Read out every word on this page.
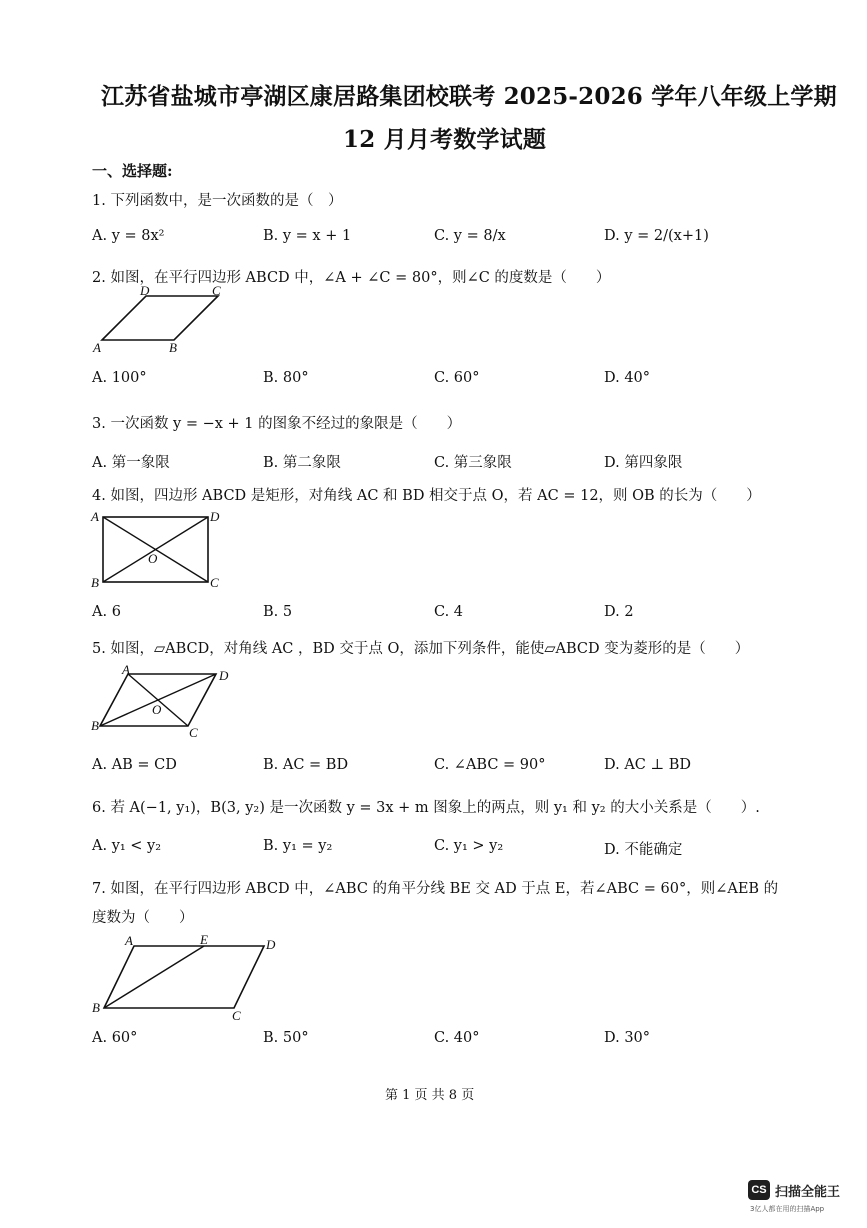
江苏省盐城市亭湖区康居路集团校联考 2025-2026 学年八年级上学期
12 月月考数学试题
一、选择题:
1. 下列函数中，是一次函数的是（　）
A. y = 8x²	B. y = x + 1	C. y = 8/x	D. y = 2/(x+1)
2. 如图，在平行四边形 ABCD 中，∠A + ∠C = 80°，则∠C 的度数是（　　）
D	C
A	B
A. 100°	B. 80°	C. 60°	D. 40°
3. 一次函数 y = −x + 1 的图象不经过的象限是（　　）
A. 第一象限	B. 第二象限	C. 第三象限	D. 第四象限
4. 如图，四边形 ABCD 是矩形，对角线 AC 和 BD 相交于点 O，若 AC = 12，则 OB 的长为（　　）
A	D
O
B	C
A. 6	B. 5	C. 4	D. 2
5. 如图，▱ABCD，对角线 AC ，BD 交于点 O，添加下列条件，能使▱ABCD 变为菱形的是（　　）
A	D
O
B	C
A. AB = CD	B. AC = BD	C. ∠ABC = 90°	D. AC ⊥ BD
6. 若 A(−1, y₁)，B(3, y₂) 是一次函数 y = 3x + m 图象上的两点，则 y₁ 和 y₂ 的大小关系是（　　）.
A. y₁ < y₂	B. y₁ = y₂	C. y₁ > y₂	D. 不能确定
7. 如图，在平行四边形 ABCD 中，∠ABC 的角平分线 BE 交 AD 于点 E，若∠ABC = 60°，则∠AEB 的
度数为（　　）
A	E	D
B
C
A. 60°	B. 50°	C. 40°	D. 30°
第 1 页 共 8 页
CS 扫描全能王
3亿人都在用的扫描App
